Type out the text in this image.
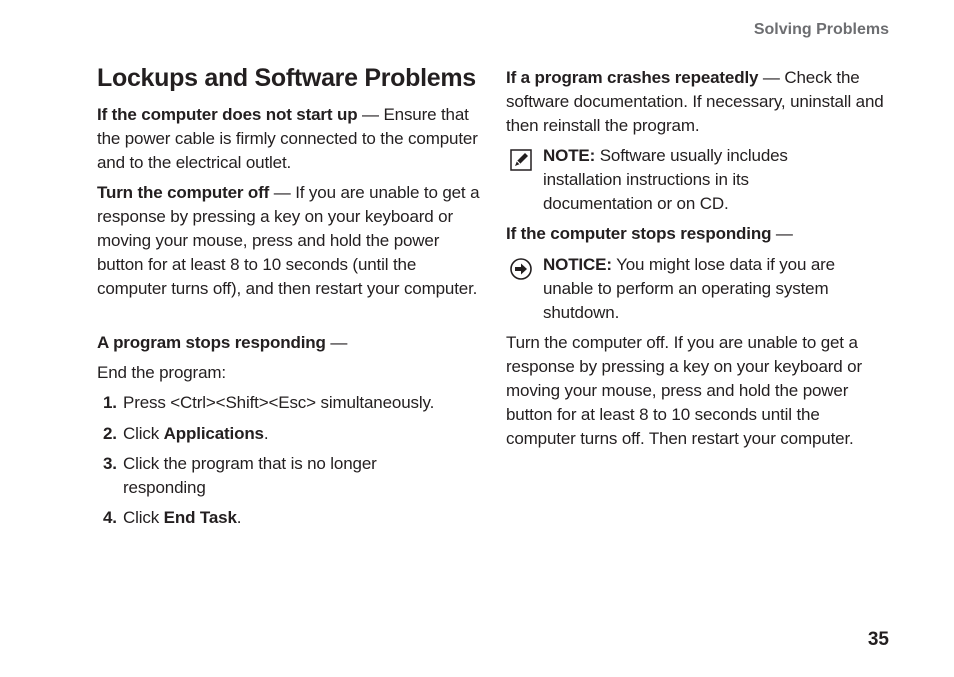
Solving Problems
Lockups and Software Problems

If the computer does not start up — Ensure that the power cable is firmly connected to the computer and to the electrical outlet.

Turn the computer off — If you are unable to get a response by pressing a key on your keyboard or moving your mouse, press and hold the power button for at least 8 to 10 seconds (until the computer turns off), and then restart your computer.

A program stops responding —

End the program:

1. Press <Ctrl><Shift><Esc> simultaneously.
2. Click Applications.
3. Click the program that is no longer responding
4. Click End Task.

If a program crashes repeatedly — Check the software documentation. If necessary, uninstall and then reinstall the program.

NOTE: Software usually includes installation instructions in its documentation or on CD.

If the computer stops responding —

NOTICE: You might lose data if you are unable to perform an operating system shutdown.

Turn the computer off. If you are unable to get a response by pressing a key on your keyboard or moving your mouse, press and hold the power button for at least 8 to 10 seconds until the computer turns off. Then restart your computer.

35
